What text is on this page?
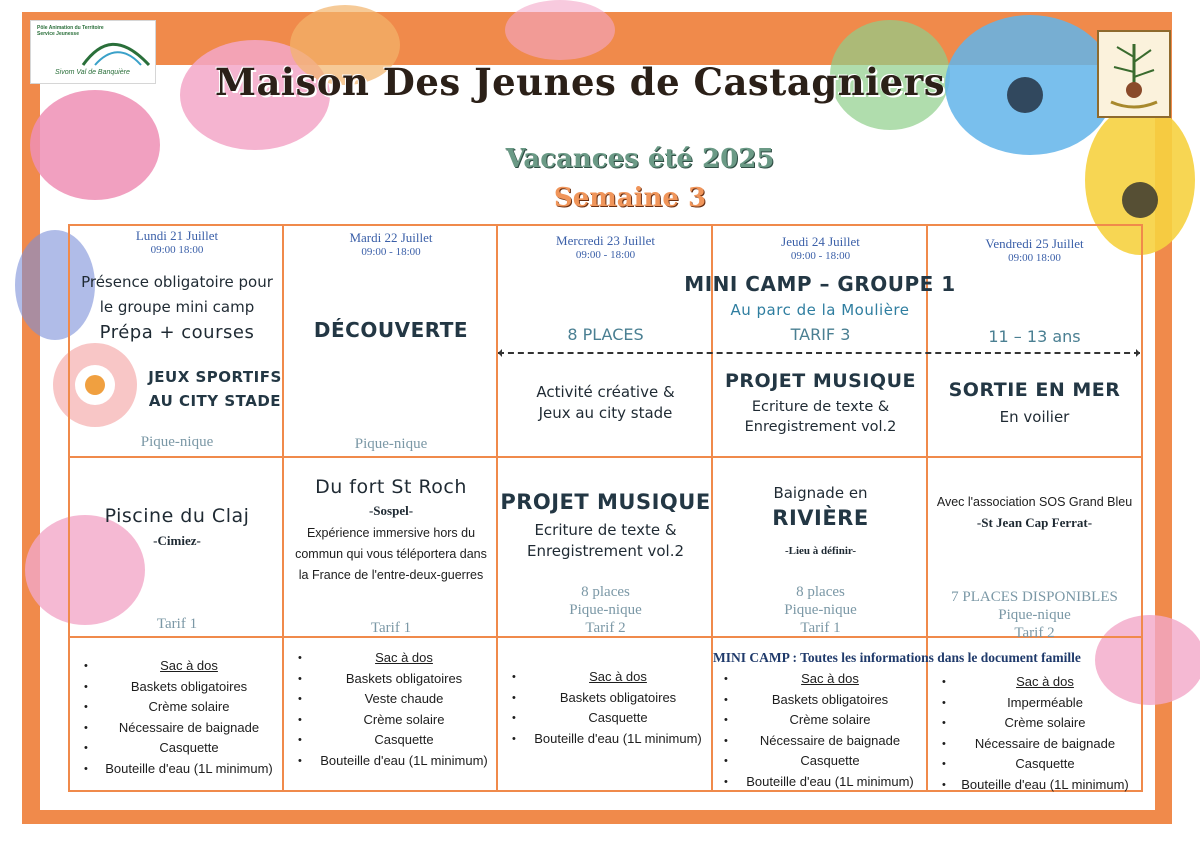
Pôle Animation du Territoire
Service Jeunesse
Sivom Val de Banquière Maison Des Jeunes de Castagniers
Vacances été 2025
Semaine 3
Lundi 21 Juillet
09:00 18:00
Mardi 22 Juillet
09:00 - 18:00
Mercredi 23 Juillet
09:00 - 18:00
Jeudi 24 Juillet
09:00 - 18:00
Vendredi 25 Juillet
09:00 18:00
Présence obligatoire pour
le groupe mini camp
Prépa + courses
JEUX SPORTIFS
AU CITY STADE
Pique-nique
DÉCOUVERTE
Pique-nique
MINI CAMP – GROUPE 1
Au parc de la Moulière
8 PLACES	TARIF 3	11 – 13 ans
Activité créative &
Jeux au city stade
PROJET MUSIQUE
Ecriture de texte &
Enregistrement vol.2
SORTIE EN MER
En voilier
Piscine du Claj
-Cimiez-
Tarif 1
Du fort St Roch
-Sospel-
Expérience immersive hors du
commun qui vous téléportera dans
la France de l'entre-deux-guerres
Tarif 1
PROJET MUSIQUE
Ecriture de texte &
Enregistrement vol.2
8 places
Pique-nique
Tarif 2
Baignade en
RIVIÈRE
-Lieu à définir-
8 places
Pique-nique
Tarif 1
Avec l'association SOS Grand Bleu
-St Jean Cap Ferrat-
7 PLACES DISPONIBLES
Pique-nique
Tarif 2
MINI CAMP : Toutes les informations dans le document famille
• Sac à dos
• Baskets obligatoires
• Crème solaire
• Nécessaire de baignade
• Casquette
• Bouteille d'eau (1L minimum)
• Sac à dos
• Baskets obligatoires
• Veste chaude
• Crème solaire
• Casquette
• Bouteille d'eau (1L minimum)
• Sac à dos
• Baskets obligatoires
• Casquette
• Bouteille d'eau (1L minimum)
• Sac à dos
• Baskets obligatoires
• Crème solaire
• Nécessaire de baignade
• Casquette
• Bouteille d'eau (1L minimum)
• Sac à dos
• Imperméable
• Crème solaire
• Nécessaire de baignade
• Casquette
• Bouteille d'eau (1L minimum)
